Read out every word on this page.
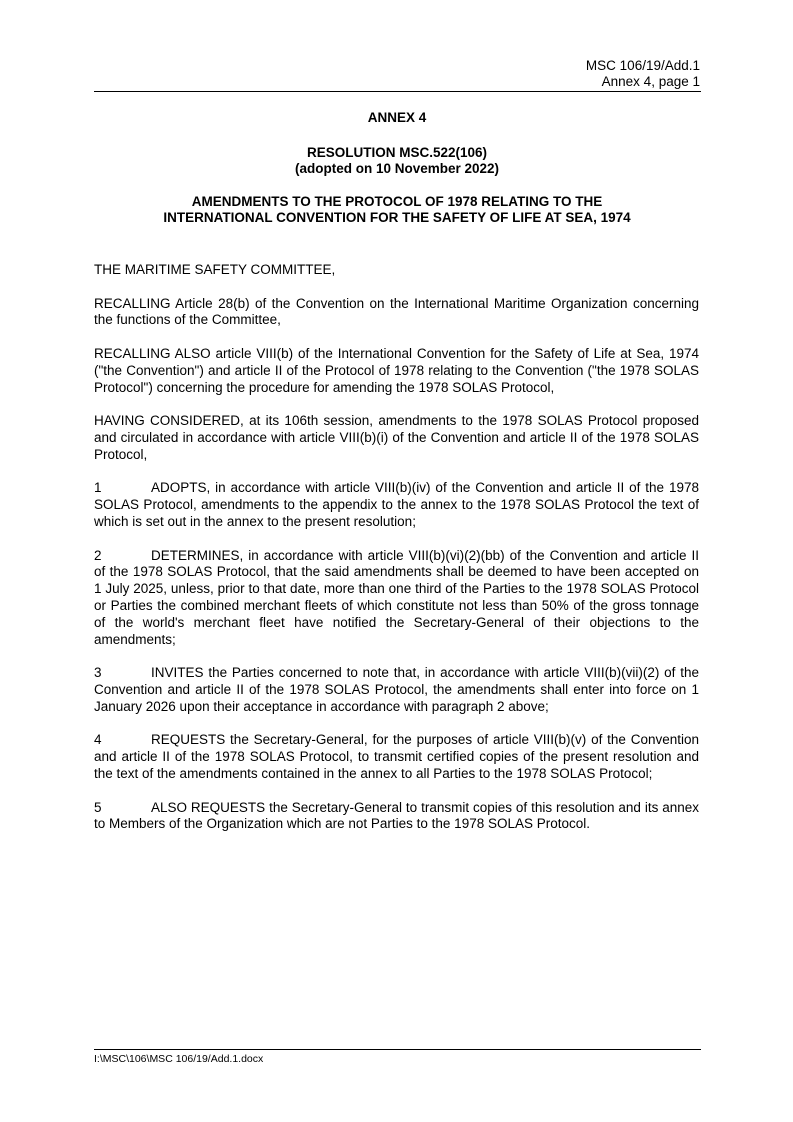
MSC 106/19/Add.1
Annex 4, page 1
ANNEX 4
RESOLUTION MSC.522(106)
(adopted on 10 November 2022)
AMENDMENTS TO THE PROTOCOL OF 1978 RELATING TO THE
INTERNATIONAL CONVENTION FOR THE SAFETY OF LIFE AT SEA, 1974

THE MARITIME SAFETY COMMITTEE,

RECALLING Article 28(b) of the Convention on the International Maritime Organization concerning the functions of the Committee,

RECALLING ALSO article VIII(b) of the International Convention for the Safety of Life at Sea, 1974 ("the Convention") and article II of the Protocol of 1978 relating to the Convention ("the 1978 SOLAS Protocol") concerning the procedure for amending the 1978 SOLAS Protocol,

HAVING CONSIDERED, at its 106th session, amendments to the 1978 SOLAS Protocol proposed and circulated in accordance with article VIII(b)(i) of the Convention and article II of the 1978 SOLAS Protocol,

1	ADOPTS, in accordance with article VIII(b)(iv) of the Convention and article II of the 1978 SOLAS Protocol, amendments to the appendix to the annex to the 1978 SOLAS Protocol the text of which is set out in the annex to the present resolution;

2	DETERMINES, in accordance with article VIII(b)(vi)(2)(bb) of the Convention and article II of the 1978 SOLAS Protocol, that the said amendments shall be deemed to have been accepted on 1 July 2025, unless, prior to that date, more than one third of the Parties to the 1978 SOLAS Protocol or Parties the combined merchant fleets of which constitute not less than 50% of the gross tonnage of the world's merchant fleet have notified the Secretary-General of their objections to the amendments;

3	INVITES the Parties concerned to note that, in accordance with article VIII(b)(vii)(2) of the Convention and article II of the 1978 SOLAS Protocol, the amendments shall enter into force on 1 January 2026 upon their acceptance in accordance with paragraph 2 above;

4	REQUESTS the Secretary-General, for the purposes of article VIII(b)(v) of the Convention and article II of the 1978 SOLAS Protocol, to transmit certified copies of the present resolution and the text of the amendments contained in the annex to all Parties to the 1978 SOLAS Protocol;

5	ALSO REQUESTS the Secretary-General to transmit copies of this resolution and its annex to Members of the Organization which are not Parties to the 1978 SOLAS Protocol.

I:\MSC\106\MSC 106/19/Add.1.docx
